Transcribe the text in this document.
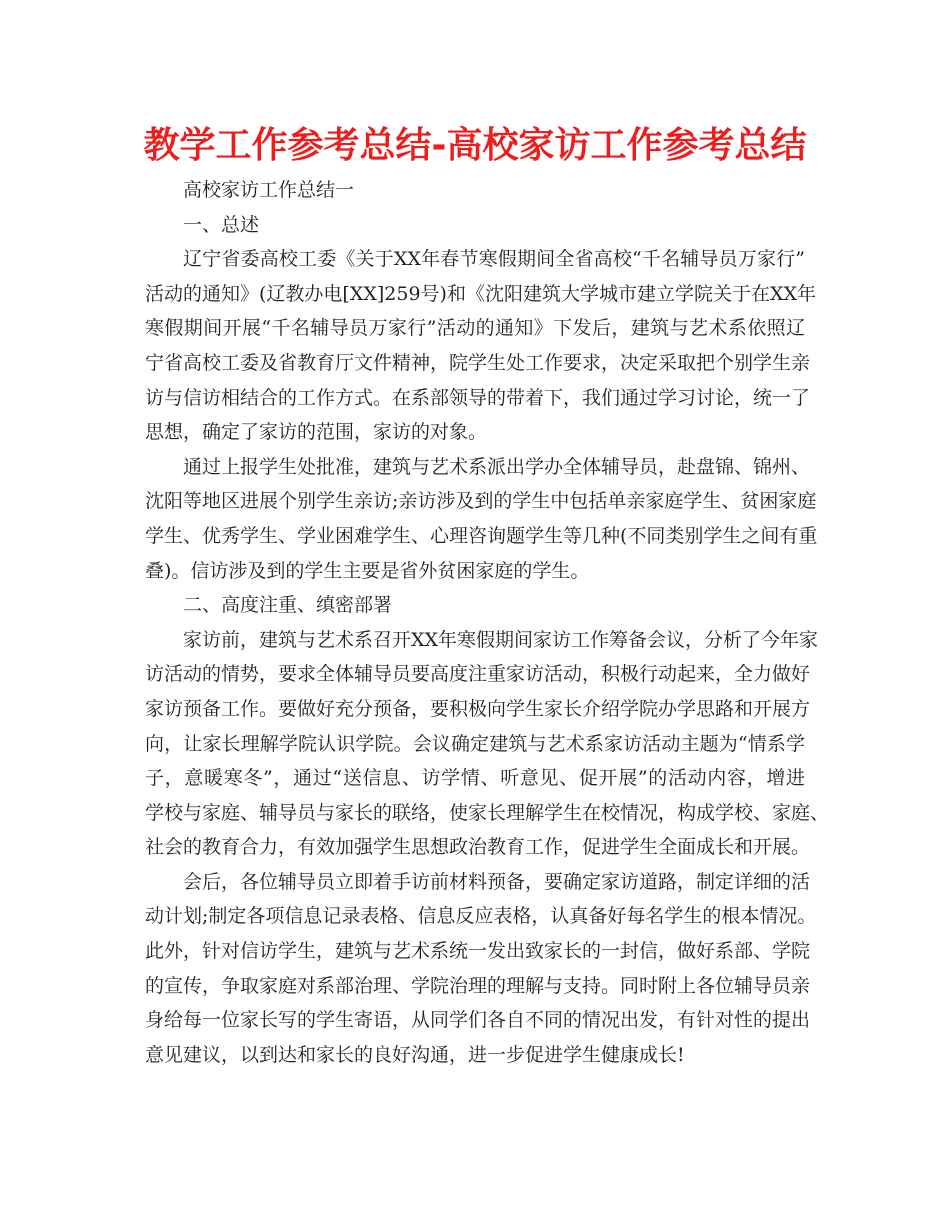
教学工作参考总结-高校家访工作参考总结
高校家访工作总结一
一、总述
辽宁省委高校工委《关于XX年春节寒假期间全省高校“千名辅导员万家行”
活动的通知》(辽教办电[XX]259号)和《沈阳建筑大学城市建立学院关于在XX年
寒假期间开展“千名辅导员万家行”活动的通知》下发后，建筑与艺术系依照辽
宁省高校工委及省教育厅文件精神，院学生处工作要求，决定采取把个别学生亲
访与信访相结合的工作方式。在系部领导的带着下，我们通过学习讨论，统一了
思想，确定了家访的范围，家访的对象。
通过上报学生处批准，建筑与艺术系派出学办全体辅导员，赴盘锦、锦州、
沈阳等地区进展个别学生亲访;亲访涉及到的学生中包括单亲家庭学生、贫困家庭
学生、优秀学生、学业困难学生、心理咨询题学生等几种(不同类别学生之间有重
叠)。信访涉及到的学生主要是省外贫困家庭的学生。
二、高度注重、缜密部署
家访前，建筑与艺术系召开XX年寒假期间家访工作筹备会议，分析了今年家
访活动的情势，要求全体辅导员要高度注重家访活动，积极行动起来，全力做好
家访预备工作。要做好充分预备，要积极向学生家长介绍学院办学思路和开展方
向，让家长理解学院认识学院。会议确定建筑与艺术系家访活动主题为“情系学
子，意暖寒冬”，通过“送信息、访学情、听意见、促开展”的活动内容，增进
学校与家庭、辅导员与家长的联络，使家长理解学生在校情况，构成学校、家庭、
社会的教育合力，有效加强学生思想政治教育工作，促进学生全面成长和开展。
会后，各位辅导员立即着手访前材料预备，要确定家访道路，制定详细的活
动计划;制定各项信息记录表格、信息反应表格，认真备好每名学生的根本情况。
此外，针对信访学生，建筑与艺术系统一发出致家长的一封信，做好系部、学院
的宣传，争取家庭对系部治理、学院治理的理解与支持。同时附上各位辅导员亲
身给每一位家长写的学生寄语，从同学们各自不同的情况出发，有针对性的提出
意见建议，以到达和家长的良好沟通，进一步促进学生健康成长!
